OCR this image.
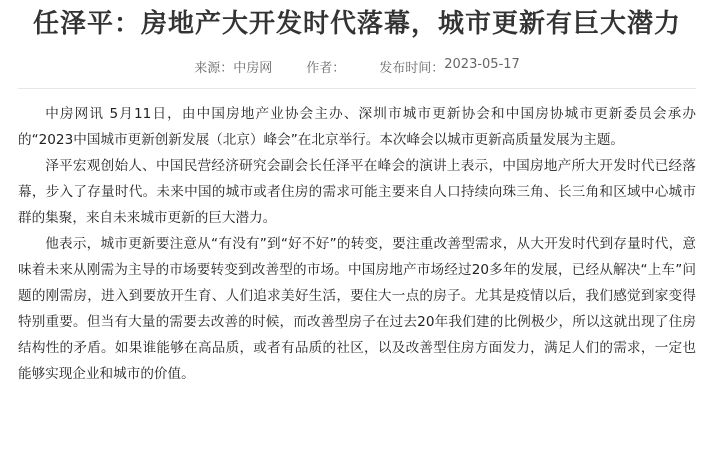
任泽平：房地产大开发时代落幕，城市更新有巨大潜力
来源： 中房网	作者：	发布时间： 2023-05-17

中房网讯 5月11日，由中国房地产业协会主办、深圳市城市更新协会和中国房协城市更新委员会承办的“2023中国城市更新创新发展（北京）峰会”在北京举行。本次峰会以城市更新高质量发展为主题。

泽平宏观创始人、中国民营经济研究会副会长任泽平在峰会的演讲上表示，中国房地产所大开发时代已经落幕，步入了存量时代。未来中国的城市或者住房的需求可能主要来自人口持续向珠三角、长三角和区域中心城市群的集聚，来自未来城市更新的巨大潜力。

他表示，城市更新要注意从“有没有”到“好不好”的转变，要注重改善型需求，从大开发时代到存量时代，意味着未来从刚需为主导的市场要转变到改善型的市场。中国房地产市场经过20多年的发展，已经从解决“上车”问题的刚需房，进入到要放开生育、人们追求美好生活，要住大一点的房子。尤其是疫情以后，我们感觉到家变得特别重要。但当有大量的需要去改善的时候，而改善型房子在过去20年我们建的比例极少，所以这就出现了住房结构性的矛盾。如果谁能够在高品质，或者有品质的社区，以及改善型住房方面发力，满足人们的需求，一定也能够实现企业和城市的价值。
